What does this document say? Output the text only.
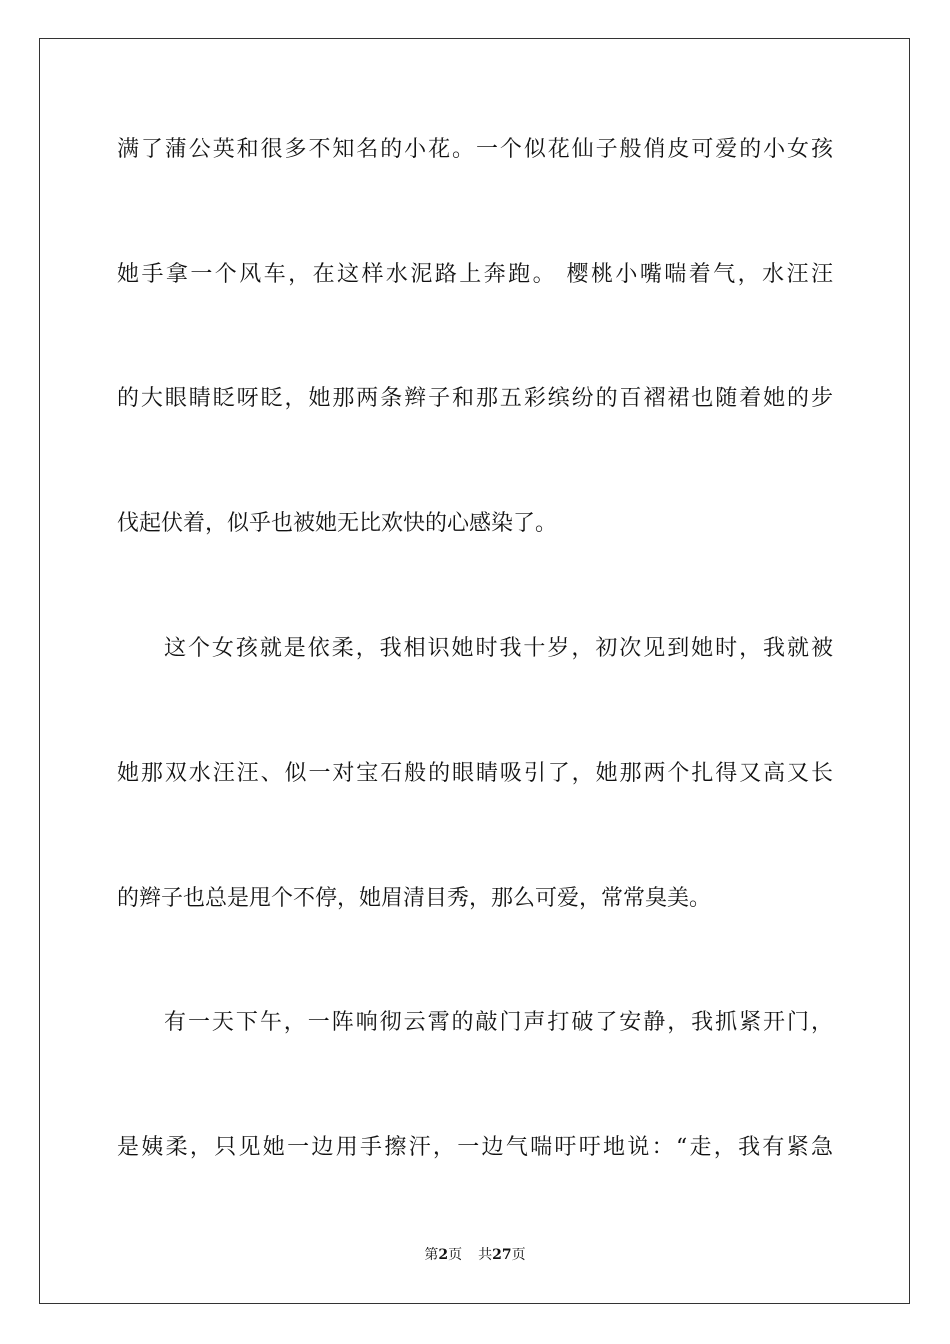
满了蒲公英和很多不知名的小花。一个似花仙子般俏皮可爱的小女孩
她手拿一个风车，在这样水泥路上奔跑。 樱桃小嘴喘着气，水汪汪
的大眼睛眨呀眨，她那两条辫子和那五彩缤纷的百褶裙也随着她的步
伐起伏着，似乎也被她无比欢快的心感染了。
这个女孩就是依柔，我相识她时我十岁，初次见到她时，我就被
她那双水汪汪、似一对宝石般的眼睛吸引了，她那两个扎得又高又长
的辫子也总是甩个不停，她眉清目秀，那么可爱，常常臭美。
有一天下午，一阵响彻云霄的敲门声打破了安静，我抓紧开门，
是姨柔，只见她一边用手擦汗，一边气喘吁吁地说：“走，我有紧急
第2页 共27页
